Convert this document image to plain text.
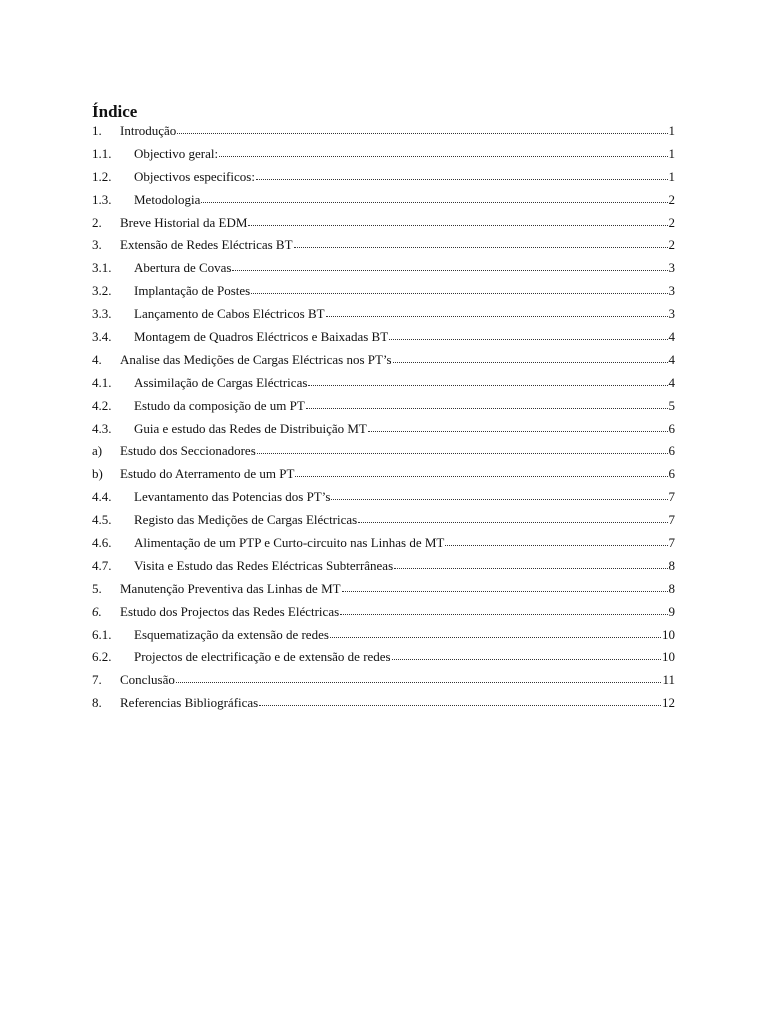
Índice
1.	Introdução	1
1.1.	Objectivo geral:	1
1.2.	Objectivos especificos:	1
1.3.	Metodologia	2
2.	Breve Historial da EDM	2
3.	Extensão de Redes Eléctricas BT	2
3.1.	Abertura de Covas	3
3.2.	Implantação de Postes	3
3.3.	Lançamento de Cabos Eléctricos BT	3
3.4.	Montagem de Quadros Eléctricos e Baixadas BT	4
4.	Analise das Medições de Cargas Eléctricas nos PT’s	4
4.1.	Assimilação de Cargas Eléctricas	4
4.2.	Estudo da composição de um PT	5
4.3.	Guia e estudo das Redes de Distribuição MT	6
a)	Estudo dos Seccionadores	6
b)	Estudo do Aterramento de um PT	6
4.4.	Levantamento das Potencias dos PT’s	7
4.5.	Registo das Medições de Cargas Eléctricas	7
4.6.	Alimentação de um PTP e Curto-circuito nas Linhas de MT	7
4.7.	Visita e Estudo das Redes Eléctricas Subterrâneas	8
5.	Manutenção Preventiva das Linhas de MT	8
6.	Estudo dos Projectos das Redes Eléctricas	9
6.1.	Esquematização da extensão de redes	10
6.2.	Projectos de electrificação e de extensão de redes	10
7.	Conclusão	11
8.	Referencias Bibliográficas	12
